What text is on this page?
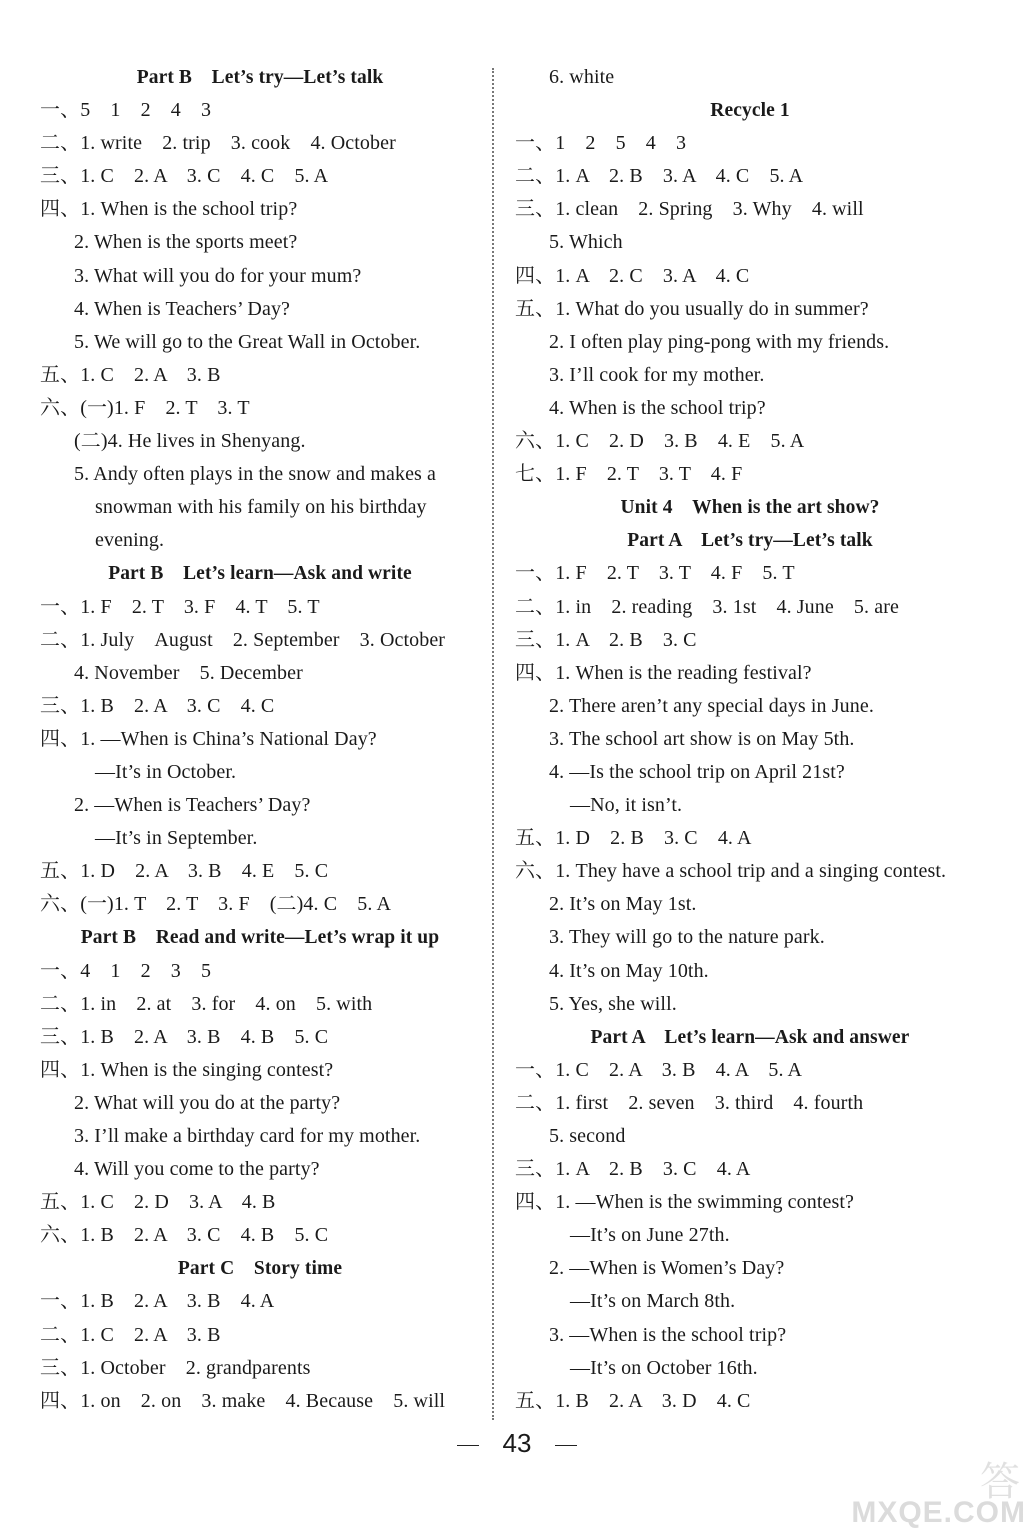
Part B　Let’s try—Let’s talk
一、5　1　2　4　3
二、1. write　2. trip　3. cook　4. October
三、1. C　2. A　3. C　4. C　5. A
四、1. When is the school trip?
2. When is the sports meet?
3. What will you do for your mum?
4. When is Teachers’ Day?
5. We will go to the Great Wall in October.
五、1. C　2. A　3. B
六、(一)1. F　2. T　3. T
(二)4. He lives in Shenyang.
5. Andy often plays in the snow and makes a
snowman with his family on his birthday
evening.
Part B　Let’s learn—Ask and write
一、1. F　2. T　3. F　4. T　5. T
二、1. July　August　2. September　3. October
4. November　5. December
三、1. B　2. A　3. C　4. C
四、1. —When is China’s National Day?
—It’s in October.
2. —When is Teachers’ Day?
—It’s in September.
五、1. D　2. A　3. B　4. E　5. C
六、(一)1. T　2. T　3. F　(二)4. C　5. A
Part B　Read and write—Let’s wrap it up
一、4　1　2　3　5
二、1. in　2. at　3. for　4. on　5. with
三、1. B　2. A　3. B　4. B　5. C
四、1. When is the singing contest?
2. What will you do at the party?
3. I’ll make a birthday card for my mother.
4. Will you come to the party?
五、1. C　2. D　3. A　4. B
六、1. B　2. A　3. C　4. B　5. C
Part C　Story time
一、1. B　2. A　3. B　4. A
二、1. C　2. A　3. B
三、1. October　2. grandparents
四、1. on　2. on　3. make　4. Because　5. will
6. white
Recycle 1
一、1　2　5　4　3
二、1. A　2. B　3. A　4. C　5. A
三、1. clean　2. Spring　3. Why　4. will
5. Which
四、1. A　2. C　3. A　4. C
五、1. What do you usually do in summer?
2. I often play ping-pong with my friends.
3. I’ll cook for my mother.
4. When is the school trip?
六、1. C　2. D　3. B　4. E　5. A
七、1. F　2. T　3. T　4. F
Unit 4　When is the art show?
Part A　Let’s try—Let’s talk
一、1. F　2. T　3. T　4. F　5. T
二、1. in　2. reading　3. 1st　4. June　5. are
三、1. A　2. B　3. C
四、1. When is the reading festival?
2. There aren’t any special days in June.
3. The school art show is on May 5th.
4. —Is the school trip on April 21st?
—No, it isn’t.
五、1. D　2. B　3. C　4. A
六、1. They have a school trip and a singing contest.
2. It’s on May 1st.
3. They will go to the nature park.
4. It’s on May 10th.
5. Yes, she will.
Part A　Let’s learn—Ask and answer
一、1. C　2. A　3. B　4. A　5. A
二、1. first　2. seven　3. third　4. fourth
5. second
三、1. A　2. B　3. C　4. A
四、1. —When is the swimming contest?
—It’s on June 27th.
2. —When is Women’s Day?
—It’s on March 8th.
3. —When is the school trip?
—It’s on October 16th.
五、1. B　2. A　3. D　4. C
43
答
MXQE.COM
